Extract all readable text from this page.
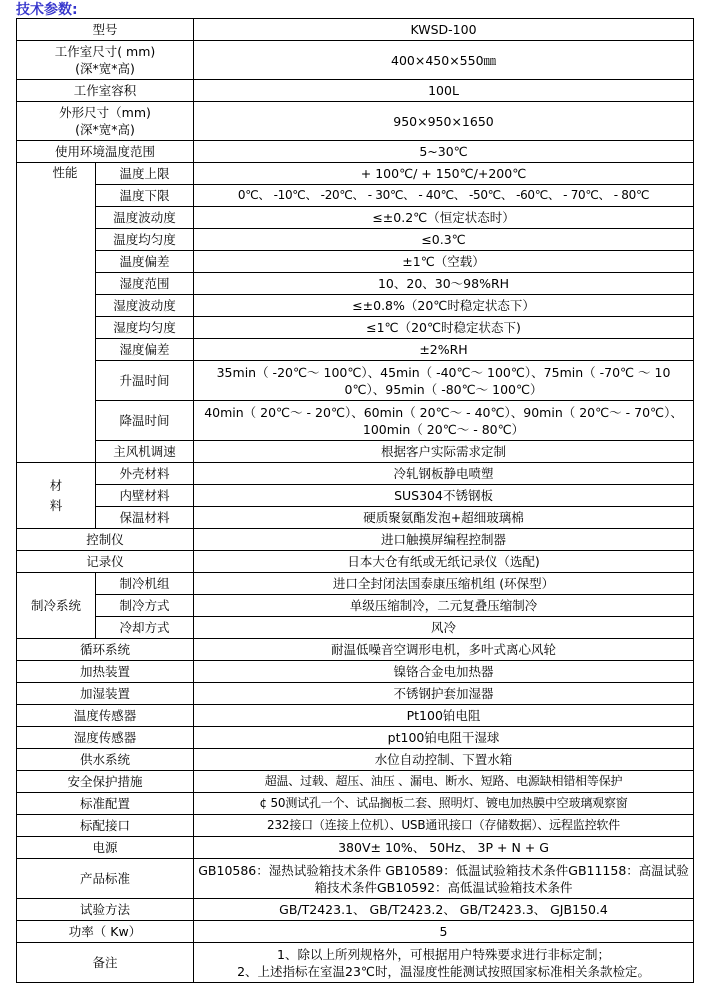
技术参数:
型号		KWSD-100

工作室尺寸( mm)
(深*宽*高)		400×450×550㎜
工作室容积		100L

外形尺寸（mm)
(深*宽*高)		950×950×1650
使用环境温度范围		5~30℃
性能	温度上限	+ 100℃/ + 150℃/+200℃
	温度下限	0℃、 -10℃、 -20℃、 - 30℃、 - 40℃、 -50℃、 -60℃、 - 70℃、 - 80℃
	温度波动度	≤±0.2℃（恒定状态时）
	温度均匀度	≤0.3℃
	温度偏差	±1℃（空载）
	湿度范围	10、20、30～98%RH
	湿度波动度	≤±0.8%（20℃时稳定状态下）
	湿度均匀度	≤1℃（20℃时稳定状态下)
	湿度偏差	±2%RH
	升温时间	35min（ -20℃～ 100℃）、45min（ -40℃～ 100℃）、75min（ -70℃ ～ 100℃）、95min（ -80℃～ 100℃）
	降温时间	40min（ 20℃～ - 20℃）、60min（ 20℃～ - 40℃）、90min（ 20℃～ - 70℃）、100min（ 20℃～ - 80℃）
	主风机调速	根据客户实际需求定制
材
料	外壳材料	冷轧钢板静电喷塑
	内壁材料	SUS304不锈钢板
	保温材料	硬质聚氨酯发泡+超细玻璃棉
控制仪		进口触摸屏编程控制器
记录仪		日本大仓有纸或无纸记录仪（选配)
制冷系统	制冷机组	进口全封闭法国泰康压缩机组 (环保型）
	制冷方式	单级压缩制冷，二元复叠压缩制冷
	冷却方式	风冷
循环系统		耐温低噪音空调形电机，多叶式离心风轮
加热装置		镍铬合金电加热器
加湿装置		不锈钢护套加湿器
温度传感器		Pt100铂电阻
湿度传感器		pt100铂电阻干湿球
供水系统		水位自动控制、下置水箱
安全保护措施		超温、过载、超压、油压 、漏电、断水、短路、电源缺相错相等保护
标准配置		¢ 50测试孔一个、试品搁板二套、照明灯、镀电加热膜中空玻璃观察窗
标配接口		232接口（连接上位机）、USB通讯接口（存储数据）、远程监控软件
电源		380V± 10%、 50Hz、 3P + N + G
产品标准		GB10586：湿热试验箱技术条件 GB10589：低温试验箱技术条件GB11158：高温试验箱技术条件GB10592：高低温试验箱技术条件
试验方法		GB/T2423.1、 GB/T2423.2、 GB/T2423.3、 GJB150.4
功率（ Kw）		5
备注		1、除以上所列规格外，可根据用户特殊要求进行非标定制；
2、上述指标在室温23℃时，温湿度性能测试按照国家标准相关条款检定。
